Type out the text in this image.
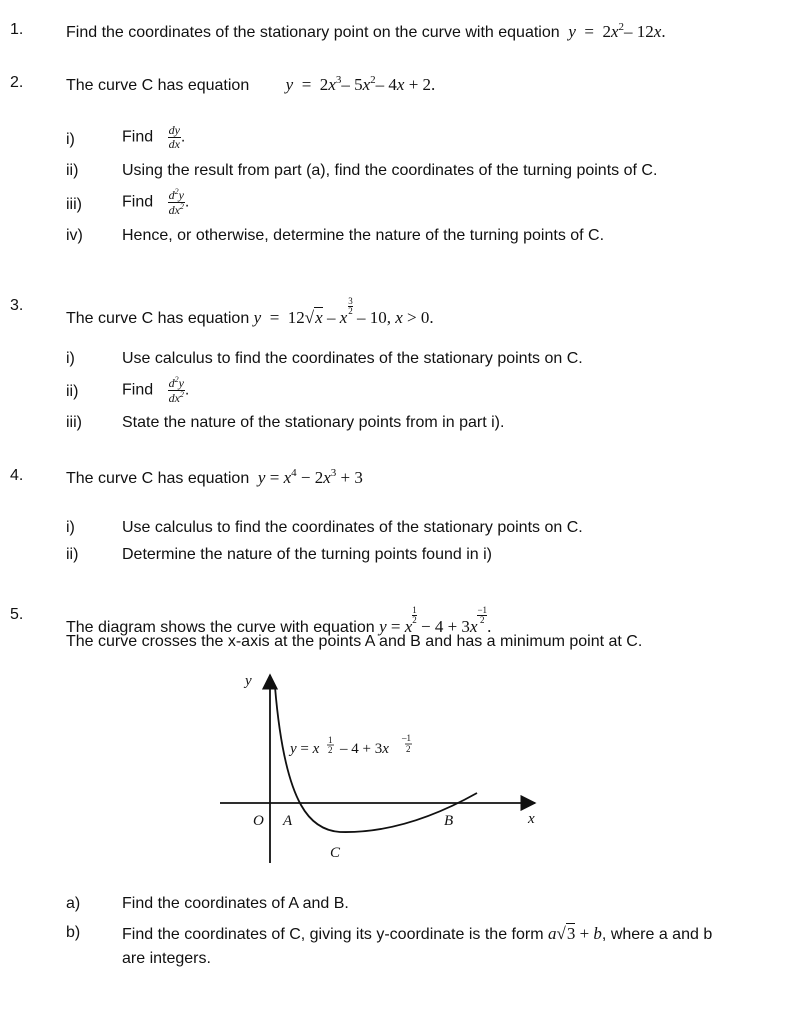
1.	Find the coordinates of the stationary point on the curve with equation  $y = 2x^2-$ 12x.
2.	The curve C has equation $y = 2x^3-$ $5x^2-$ 4x + 2.
i)	Find $\frac{dy}{dx}$ .
ii)	Using the result from part (a), find the coordinates of the turning points of C.
iii)	Find $\frac{d^2y}{dx^2}$ .
iv) Hence, or otherwise, determine the nature of the turning points of C.
3.
The curve C has equation y  =  12√x – x
$\frac{3}{2}$
– 10, x > 0.
i)	Use calculus to find the coordinates of the stationary points on C.
ii)	Find $\frac{d^2y}{dx^2}$ .
iii)	State the nature of the stationary points from in part i).
4.	The curve C has equation  $y = x^4 - 2x^3 + 3$
i)	Use calculus to find the coordinates of the stationary points on C.
ii)	Determine the nature of the turning points found in i)
5.
The diagram shows the curve with equation y = x
$\frac{1}{2}$
− 4 + 3x
$\frac{-1}{2}$
.
The curve crosses the x-axis at the points A and B and has a minimum point at C.
y
x
O A	B
C
y = x
1
2 – 4 + 3x
–1
2
a)	Find the coordinates of A and B.
b)	Find the coordinates of C, giving its y-coordinate is the form a√3 + b, where a and b
are integers.
